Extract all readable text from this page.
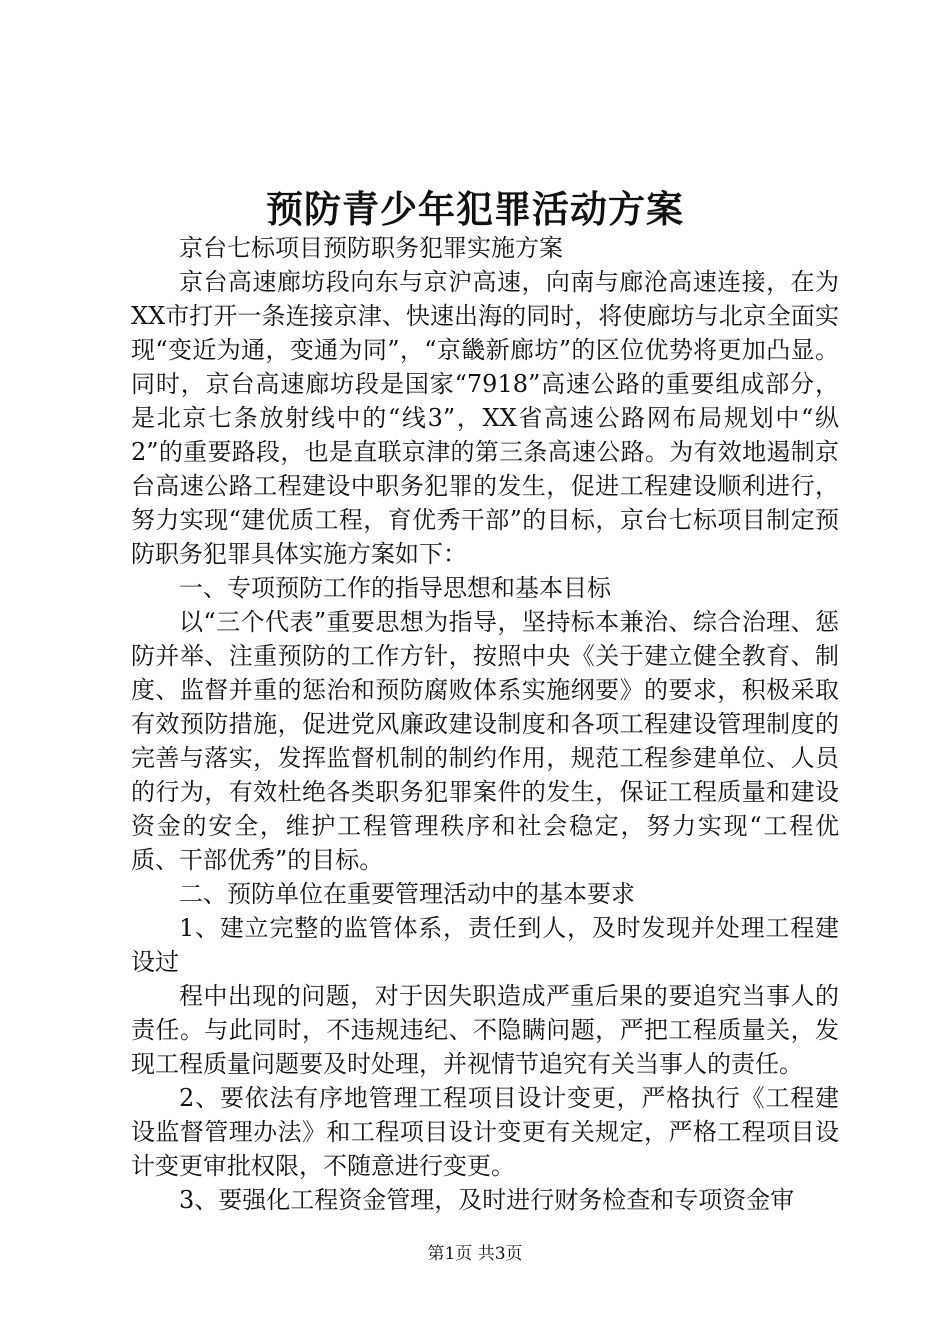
预防青少年犯罪活动方案

京台七标项目预防职务犯罪实施方案

京台高速廊坊段向东与京沪高速，向南与廊沧高速连接，在为XX市打开一条连接京津、快速出海的同时，将使廊坊与北京全面实现“变近为通，变通为同”，“京畿新廊坊”的区位优势将更加凸显。同时，京台高速廊坊段是国家“7918”高速公路的重要组成部分，是北京七条放射线中的“线3”，XX省高速公路网布局规划中“纵2”的重要路段，也是直联京津的第三条高速公路。为有效地遏制京台高速公路工程建设中职务犯罪的发生，促进工程建设顺利进行，努力实现“建优质工程，育优秀干部”的目标，京台七标项目制定预防职务犯罪具体实施方案如下：

一、专项预防工作的指导思想和基本目标

以“三个代表”重要思想为指导，坚持标本兼治、综合治理、惩防并举、注重预防的工作方针，按照中央《关于建立健全教育、制度、监督并重的惩治和预防腐败体系实施纲要》的要求，积极采取有效预防措施，促进党风廉政建设制度和各项工程建设管理制度的完善与落实，发挥监督机制的制约作用，规范工程参建单位、人员的行为，有效杜绝各类职务犯罪案件的发生，保证工程质量和建设资金的安全，维护工程管理秩序和社会稳定，努力实现“工程优质、干部优秀”的目标。

二、预防单位在重要管理活动中的基本要求

1、建立完整的监管体系，责任到人，及时发现并处理工程建设过

程中出现的问题，对于因失职造成严重后果的要追究当事人的责任。与此同时，不违规违纪、不隐瞒问题，严把工程质量关，发现工程质量问题要及时处理，并视情节追究有关当事人的责任。

2、要依法有序地管理工程项目设计变更，严格执行《工程建设监督管理办法》和工程项目设计变更有关规定，严格工程项目设计变更审批权限，不随意进行变更。

3、要强化工程资金管理，及时进行财务检查和专项资金审

第1页 共3页
